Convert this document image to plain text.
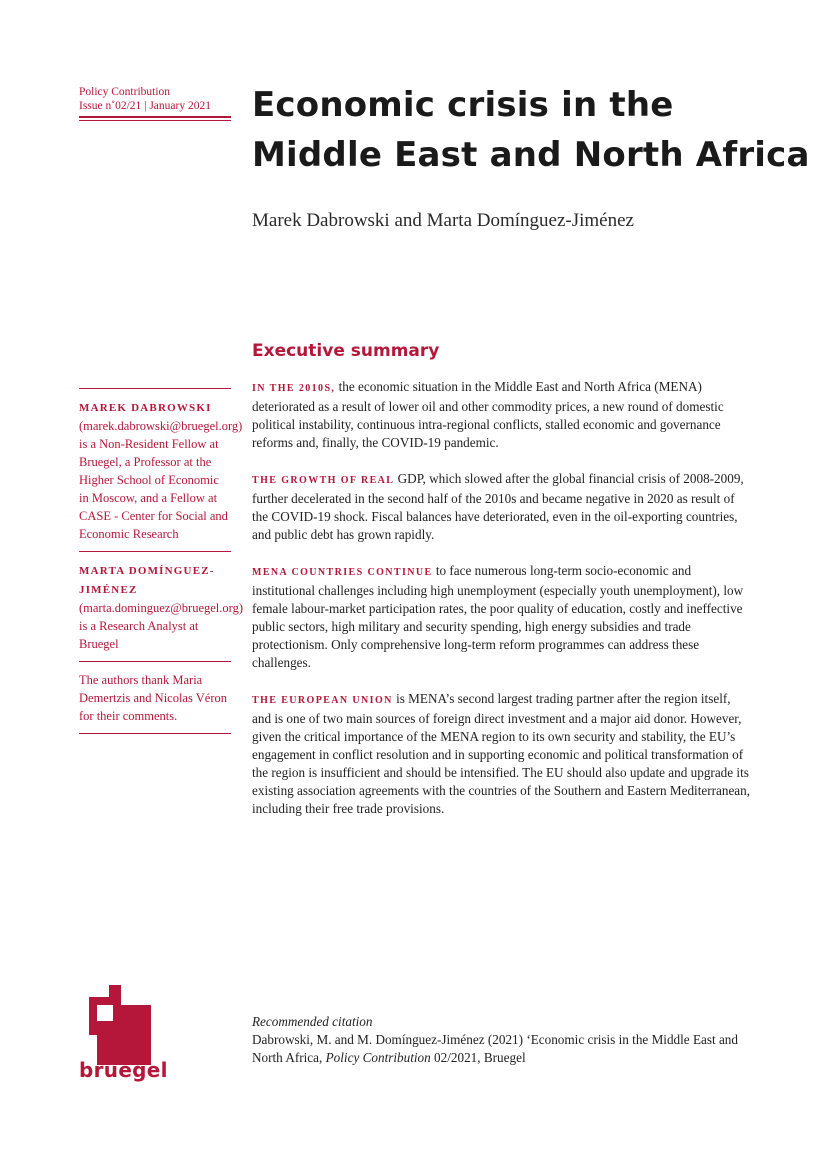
Policy Contribution
Issue n˚02/21 | January 2021	Economic crisis in the
Middle East and North Africa
Marek Dabrowski and Marta Domínguez-Jiménez
MAREK DABROWSKI
(marek.dabrowski@bruegel.org) is a Non-Resident Fellow at Bruegel, a Professor at the Higher School of Economic in Moscow, and a Fellow at CASE - Center for Social and Economic Research
MARTA DOMÍNGUEZ-JIMÉNEZ (marta.dominguez@bruegel.org) is a Research Analyst at Bruegel
The authors thank Maria Demertzis and Nicolas Véron for their comments.
Executive summary

IN THE 2010S, the economic situation in the Middle East and North Africa (MENA) deteriorated as a result of lower oil and other commodity prices, a new round of domestic political instability, continuous intra-regional conflicts, stalled economic and governance reforms and, finally, the COVID-19 pandemic.

THE GROWTH OF REAL GDP, which slowed after the global financial crisis of 2008-2009, further decelerated in the second half of the 2010s and became negative in 2020 as result of the COVID-19 shock. Fiscal balances have deteriorated, even in the oil-exporting countries, and public debt has grown rapidly.

MENA COUNTRIES CONTINUE to face numerous long-term socio-economic and institutional challenges including high unemployment (especially youth unemployment), low female labour-market participation rates, the poor quality of education, costly and ineffective public sectors, high military and security spending, high energy subsidies and trade protectionism. Only comprehensive long-term reform programmes can address these challenges.

THE EUROPEAN UNION is MENA’s second largest trading partner after the region itself, and is one of two main sources of foreign direct investment and a major aid donor. However, given the critical importance of the MENA region to its own security and stability, the EU’s engagement in conflict resolution and in supporting economic and political transformation of the region is insufficient and should be intensified. The EU should also update and upgrade its existing association agreements with the countries of the Southern and Eastern Mediterranean, including their free trade provisions.

bruegel
Recommended citation
Dabrowski, M. and M. Domínguez-Jiménez (2021) ‘Economic crisis in the Middle East and North Africa, Policy Contribution 02/2021, Bruegel
